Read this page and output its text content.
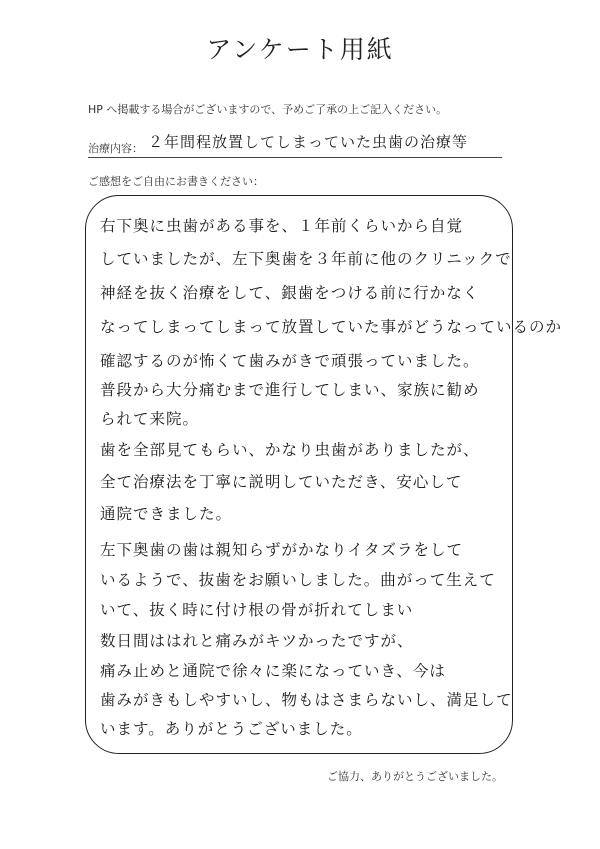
アンケート用紙
HP へ掲載する場合がございますので、予めご了承の上ご記入ください。
治療内容： ２年間程放置してしまっていた虫歯の治療等
ご感想をご自由にお書きください：
右下奥に虫歯がある事を、１年前くらいから自覚
していましたが、左下奥歯を３年前に他のクリニックで
神経を抜く治療をして、銀歯をつける前に行かなく
なってしまってしまって放置していた事がどうなっているのか
確認するのが怖くて歯みがきで頑張っていました。
普段から大分痛むまで進行してしまい、家族に勧め
られて来院。
歯を全部見てもらい、かなり虫歯がありましたが、
全て治療法を丁寧に説明していただき、安心して
通院できました。
左下奥歯の歯は親知らずがかなりイタズラをして
いるようで、抜歯をお願いしました。曲がって生えて
いて、抜く時に付け根の骨が折れてしまい
数日間ははれと痛みがキツかったですが、
痛み止めと通院で徐々に楽になっていき、今は
歯みがきもしやすいし、物もはさまらないし、満足して
います。ありがとうございました。
ご協力、ありがとうございました。
